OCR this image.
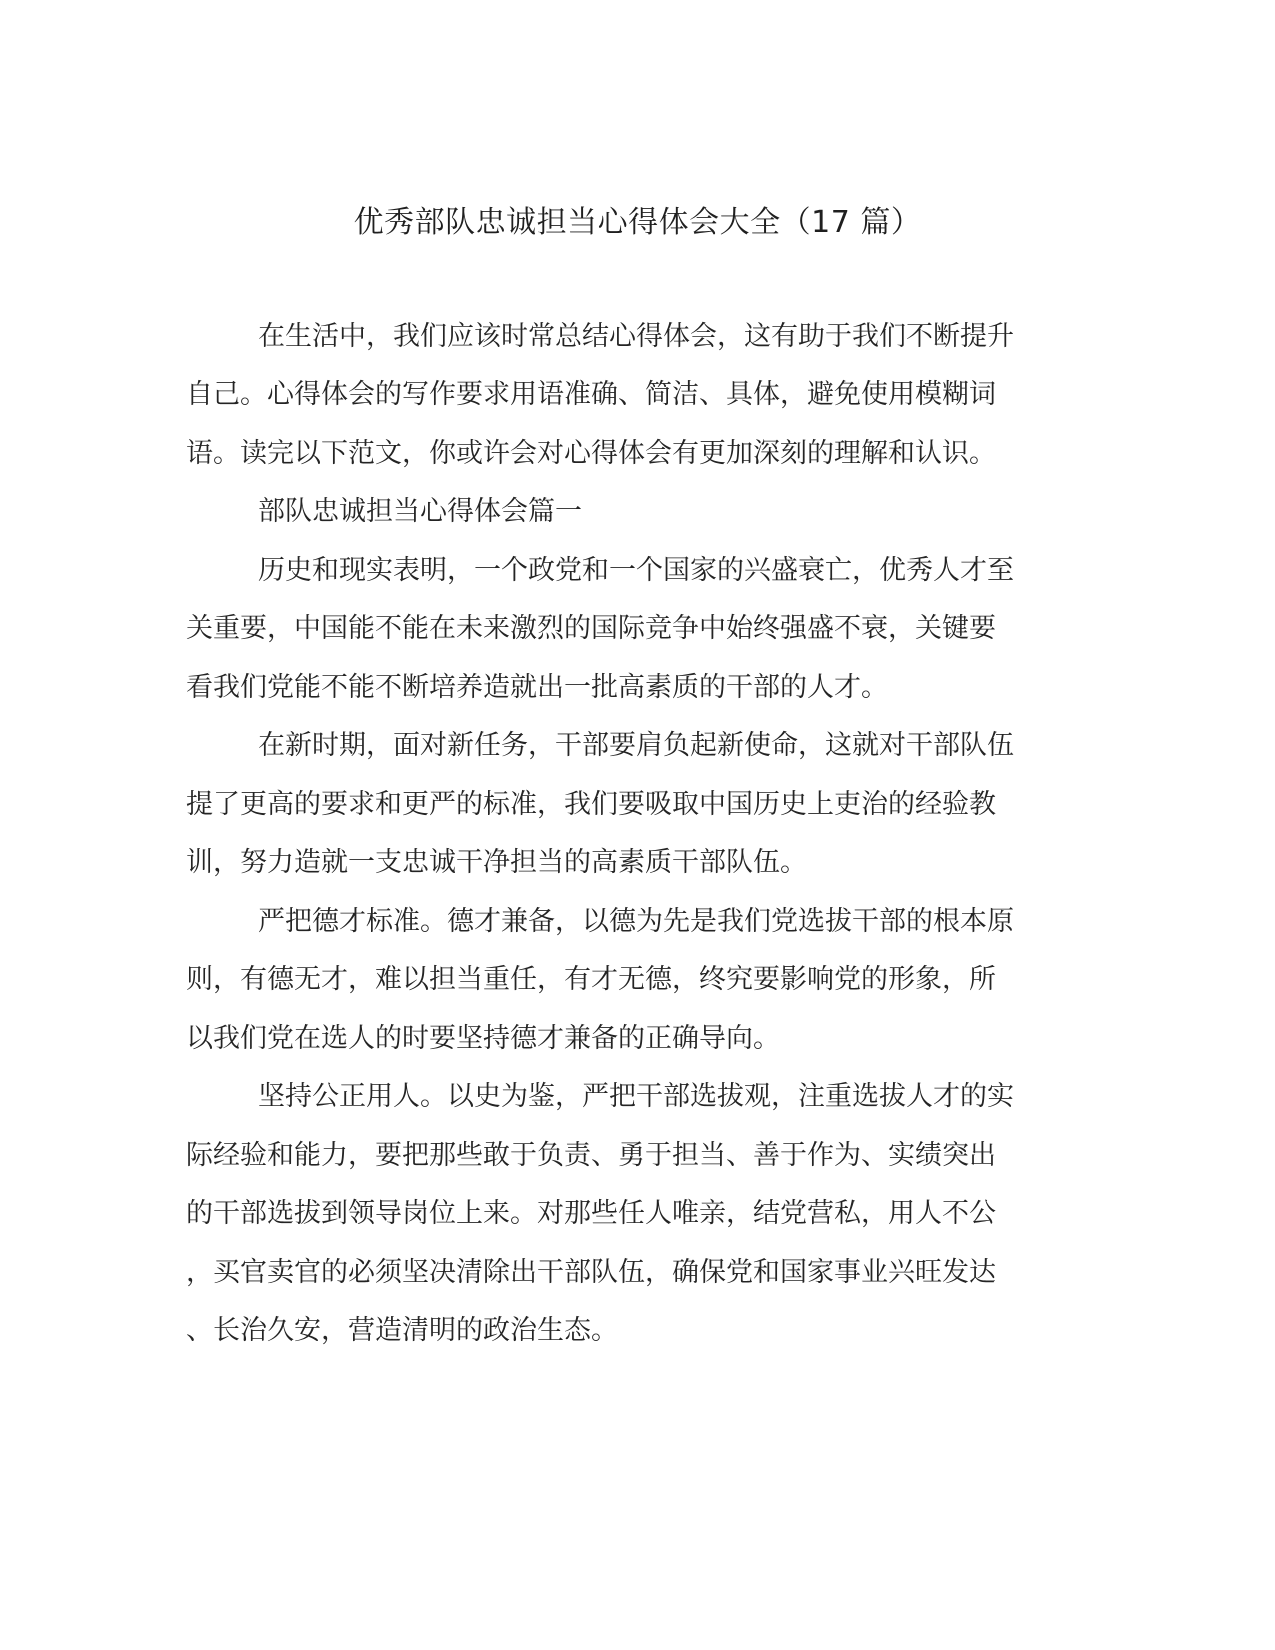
优秀部队忠诚担当心得体会大全（17 篇）
在生活中，我们应该时常总结心得体会，这有助于我们不断提升
自己。心得体会的写作要求用语准确、简洁、具体，避免使用模糊词
语。读完以下范文，你或许会对心得体会有更加深刻的理解和认识。
部队忠诚担当心得体会篇一
历史和现实表明，一个政党和一个国家的兴盛衰亡，优秀人才至
关重要，中国能不能在未来激烈的国际竞争中始终强盛不衰，关键要
看我们党能不能不断培养造就出一批高素质的干部的人才。
在新时期，面对新任务，干部要肩负起新使命，这就对干部队伍
提了更高的要求和更严的标准，我们要吸取中国历史上吏治的经验教
训，努力造就一支忠诚干净担当的高素质干部队伍。
严把德才标准。德才兼备，以德为先是我们党选拔干部的根本原
则，有德无才，难以担当重任，有才无德，终究要影响党的形象，所
以我们党在选人的时要坚持德才兼备的正确导向。
坚持公正用人。以史为鉴，严把干部选拔观，注重选拔人才的实
际经验和能力，要把那些敢于负责、勇于担当、善于作为、实绩突出
的干部选拔到领导岗位上来。对那些任人唯亲，结党营私，用人不公
，买官卖官的必须坚决清除出干部队伍，确保党和国家事业兴旺发达
、长治久安，营造清明的政治生态。
